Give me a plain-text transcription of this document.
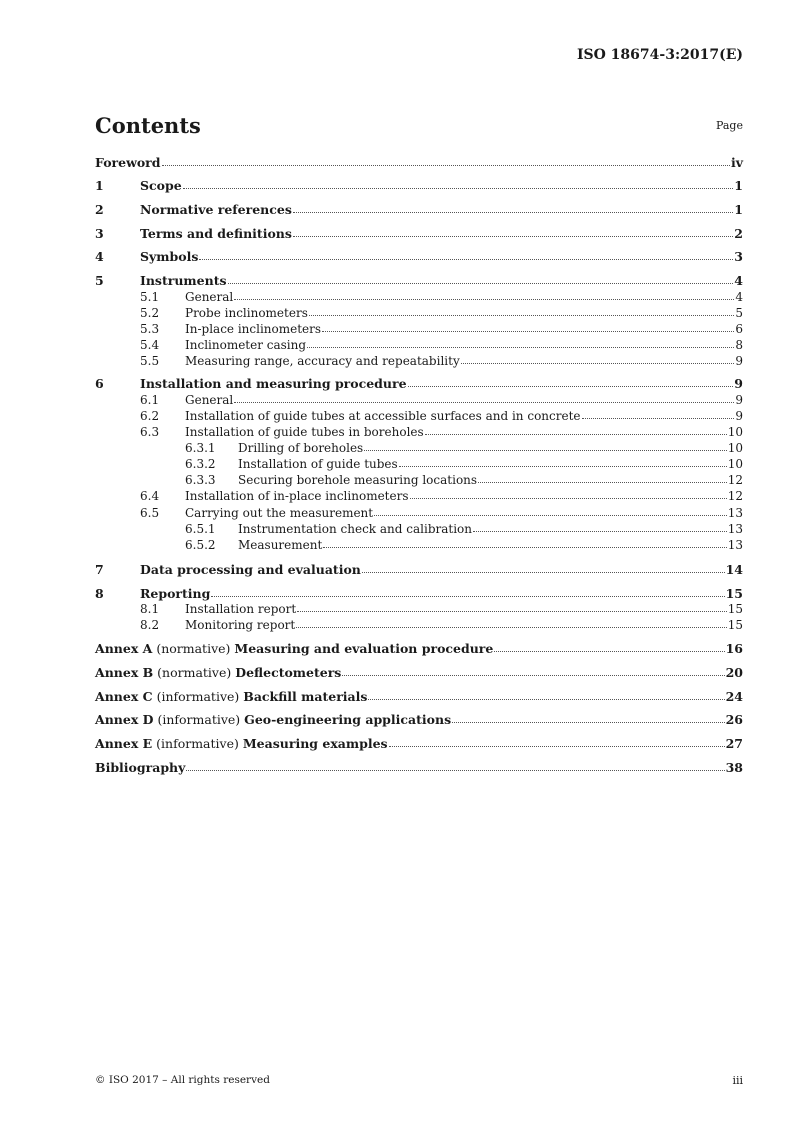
ISO 18674-3:2017(E)
Contents	Page
Foreword	iv
1	Scope	1
2	Normative references	1
3	Terms and definitions	2
4	Symbols	3
5	Instruments	4
5.1	General	4
5.2	Probe inclinometers	5
5.3	In-place inclinometers	6
5.4	Inclinometer casing	8
5.5	Measuring range, accuracy and repeatability	9
6	Installation and measuring procedure	9
6.1	General	9
6.2	Installation of guide tubes at accessible surfaces and in concrete	9
6.3	Installation of guide tubes in boreholes	10
6.3.1	Drilling of boreholes	10
6.3.2	Installation of guide tubes	10
6.3.3	Securing borehole measuring locations	12
6.4	Installation of in-place inclinometers	12
6.5	Carrying out the measurement	13
6.5.1	Instrumentation check and calibration	13
6.5.2	Measurement	13
7	Data processing and evaluation	14
8	Reporting	15
8.1	Installation report	15
8.2	Monitoring report	15
Annex A (normative) Measuring and evaluation procedure	16
Annex B (normative) Deflectometers	20
Annex C (informative) Backfill materials	24
Annex D (informative) Geo-engineering applications	26
Annex E (informative) Measuring examples	27
Bibliography	38
© ISO 2017 – All rights reserved	iii
